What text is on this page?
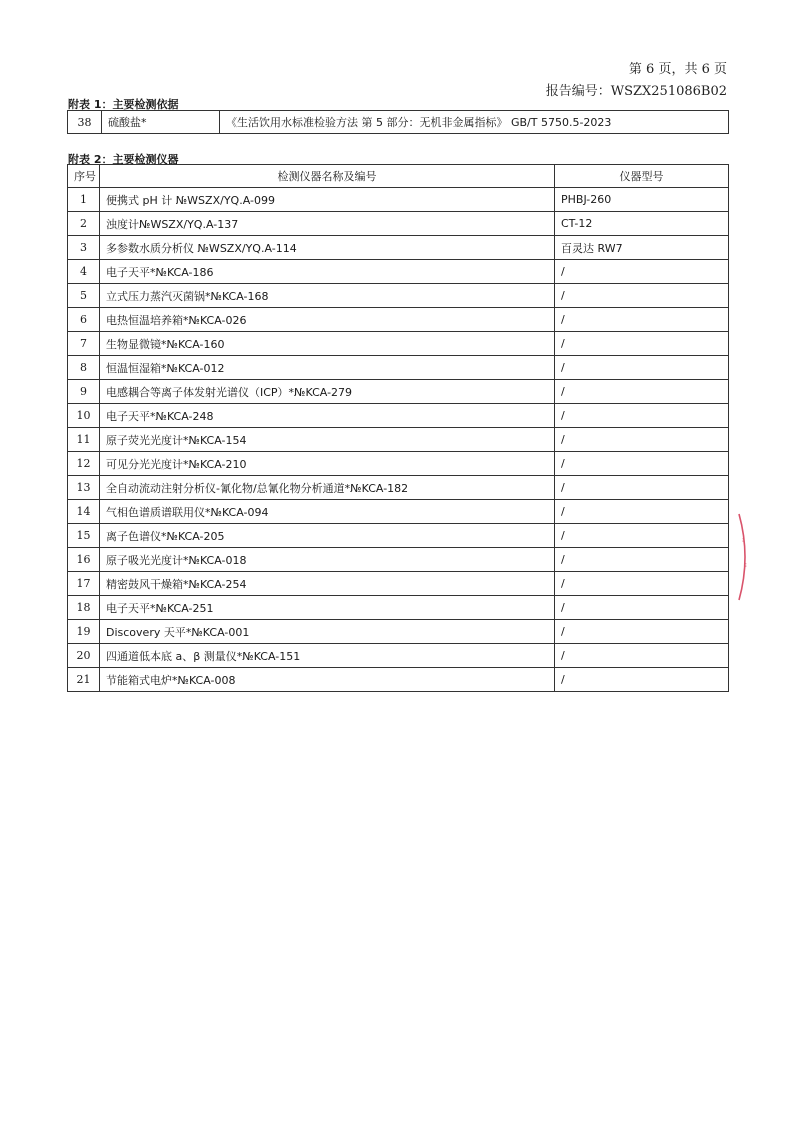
第 6 页，共 6 页
报告编号：WSZX251086B02
附表 1：主要检测依据
38	硫酸盐*	《生活饮用水标准检验方法 第 5 部分：无机非金属指标》 GB/T 5750.5-2023
附表 2：主要检测仪器
序号	检测仪器名称及编号	仪器型号
1	便携式 pH 计 №WSZX/YQ.A-099	PHBJ-260
2	浊度计№WSZX/YQ.A-137	CT-12
3	多参数水质分析仪 №WSZX/YQ.A-114	百灵达 RW7
4	电子天平*№KCA-186	/
5	立式压力蒸汽灭菌锅*№KCA-168	/
6	电热恒温培养箱*№KCA-026	/
7	生物显微镜*№KCA-160	/
8	恒温恒湿箱*№KCA-012	/
9	电感耦合等离子体发射光谱仪（ICP）*№KCA-279	/
10	电子天平*№KCA-248	/
11	原子荧光光度计*№KCA-154	/
12	可见分光光度计*№KCA-210	/
13	全自动流动注射分析仪-氰化物/总氰化物分析通道*№KCA-182	/
14	气相色谱质谱联用仪*№KCA-094	/
15	离子色谱仪*№KCA-205	/
16	原子吸光光度计*№KCA-018	/
17	精密鼓风干燥箱*№KCA-254	/
18	电子天平*№KCA-251	/
19	Discovery 天平*№KCA-001	/
20	四通道低本底 a、β 测量仪*№KCA-151	/
21	节能箱式电炉*№KCA-008	/
⁝
⁝
